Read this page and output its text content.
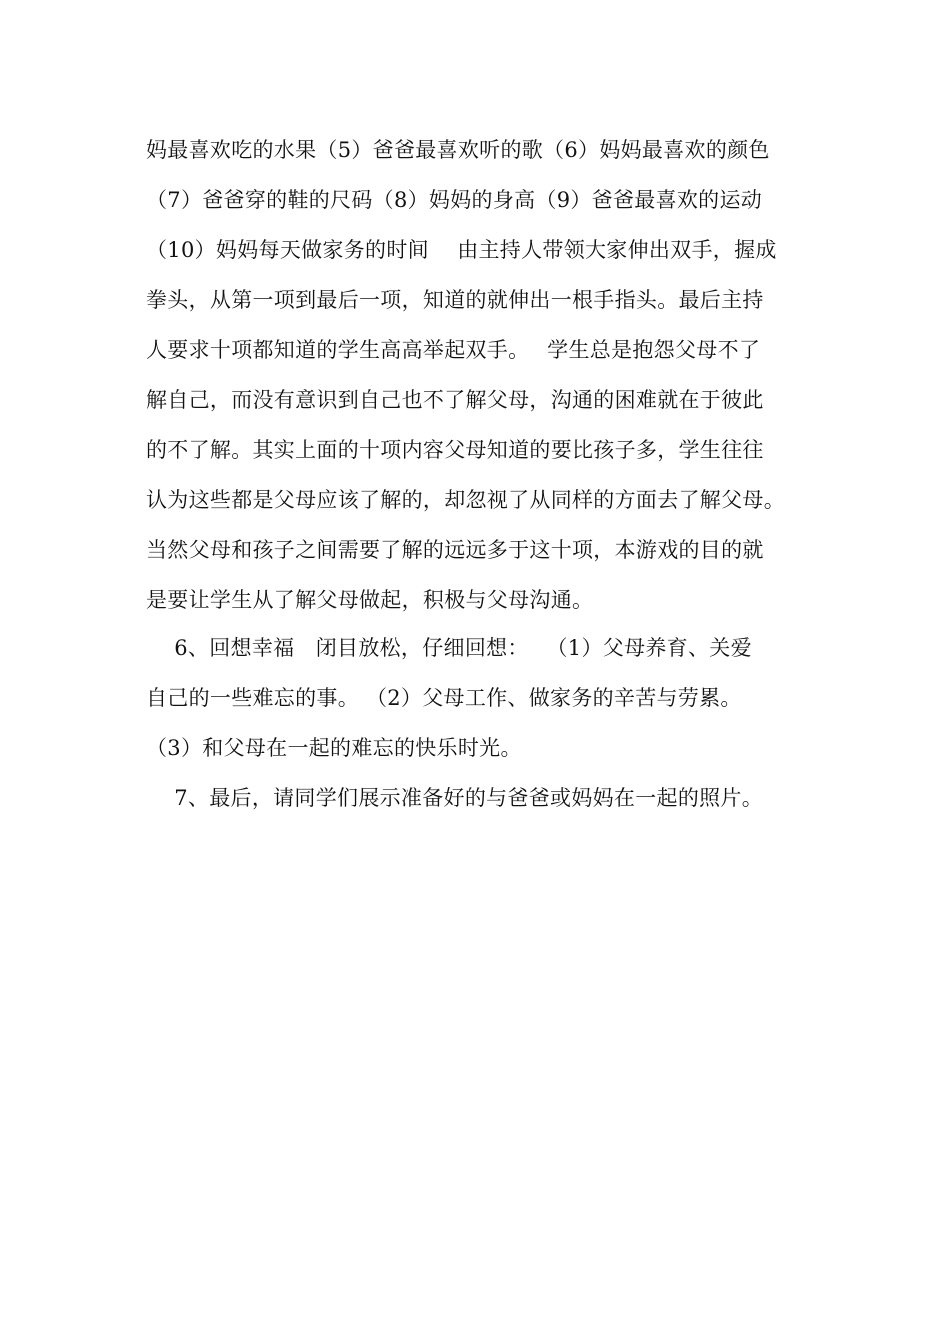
妈最喜欢吃的水果（5）爸爸最喜欢听的歌（6）妈妈最喜欢的颜色
（7）爸爸穿的鞋的尺码（8）妈妈的身高（9）爸爸最喜欢的运动
（10）妈妈每天做家务的时间　 由主持人带领大家伸出双手，握成
拳头，从第一项到最后一项，知道的就伸出一根手指头。最后主持
人要求十项都知道的学生高高举起双手。　 学生总是抱怨父母不了
解自己，而没有意识到自己也不了解父母，沟通的困难就在于彼此
的不了解。其实上面的十项内容父母知道的要比孩子多，学生往往
认为这些都是父母应该了解的，却忽视了从同样的方面去了解父母。
当然父母和孩子之间需要了解的远远多于这十项，本游戏的目的就
是要让学生从了解父母做起，积极与父母沟通。
　 6、回想幸福　闭目放松，仔细回想：　 （1）父母养育、关爱
自己的一些难忘的事。 （2）父母工作、做家务的辛苦与劳累。
（3）和父母在一起的难忘的快乐时光。
　 7、最后，请同学们展示准备好的与爸爸或妈妈在一起的照片。
